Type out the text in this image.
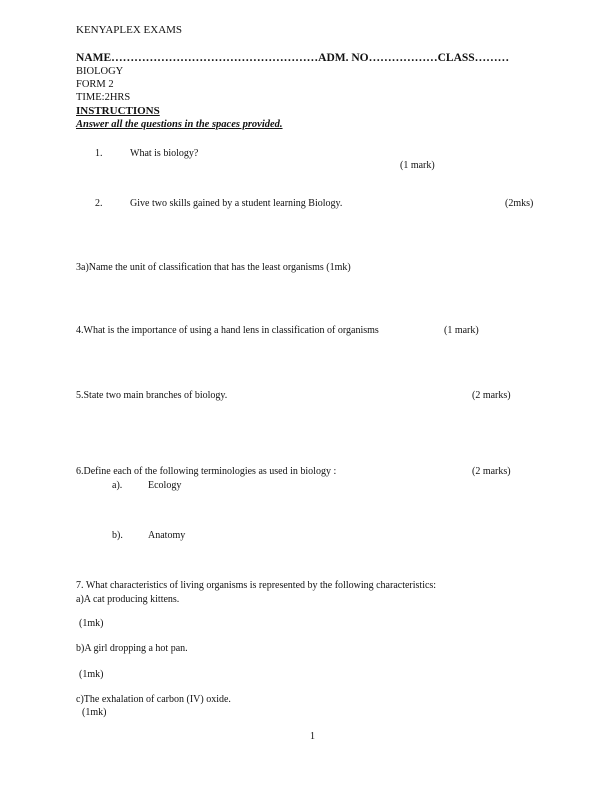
KENYAPLEX EXAMS
NAME………………………………………………ADM. NO………………CLASS………
BIOLOGY
FORM 2
TIME:2HRS
INSTRUCTIONS
Answer all the questions in the spaces provided.
1.	What is biology?
(1 mark)
2.	Give two skills gained by a student learning Biology.	(2mks)
3a)Name the unit of classification that has the least organisms (1mk)
4.What is the importance of using a hand lens in classification of organisms	(1 mark)
5.State two main branches of biology.	(2 marks)
6.Define each of the following terminologies as used in biology :	(2 marks)
a).	Ecology
b).	Anatomy
7. What characteristics of living organisms is represented by the following characteristics:
a)A cat producing kittens.
(1mk)
b)A girl dropping a hot pan.
(1mk)
c)The exhalation of carbon (IV) oxide.
(1mk)
1
